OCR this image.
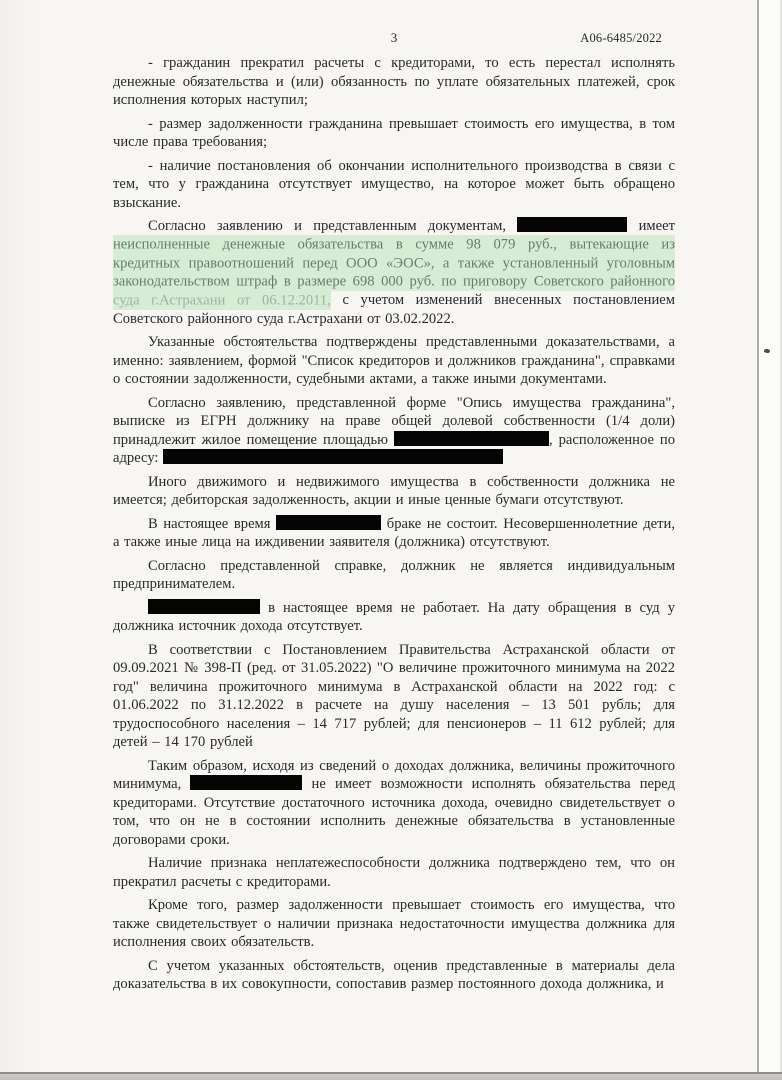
3	А06-6485/2022

- гражданин прекратил расчеты с кредиторами, то есть перестал исполнять денежные обязательства и (или) обязанность по уплате обязательных платежей, срок исполнения которых наступил;

- размер задолженности гражданина превышает стоимость его имущества, в том числе права требования;

- наличие постановления об окончании исполнительного производства в связи с тем, что у гражданина отсутствует имущество, на которое может быть обращено взыскание.

Согласно заявлению и представленным документам,	имеет неисполненные денежные обязательства в сумме 98 079 руб., вытекающие из кредитных правоотношений перед ООО «ЭОС», а также установленный уголовным законодательством штраф в размере 698 000 руб. по приговору Советского районного суда г.Астрахани от 06.12.2011, с учетом изменений внесенных постановлением Советского районного суда г.Астрахани от 03.02.2022.

Указанные обстоятельства подтверждены представленными доказательствами, а именно: заявлением, формой "Список кредиторов и должников гражданина", справками о состоянии задолженности, судебными актами, а также иными документами.

Согласно заявлению, представленной форме "Опись имущества гражданина", выписке из ЕГРН должнику на праве общей долевой собственности (1/4 доли) принадлежит жилое помещение площадью	, расположенное по адресу:

Иного движимого и недвижимого имущества в собственности должника не имеется; дебиторская задолженность, акции и иные ценные бумаги отсутствуют.

В настоящее время	браке не состоит. Несовершеннолетние дети, а также иные лица на иждивении заявителя (должника) отсутствуют.

Согласно представленной справке, должник не является индивидуальным предпринимателем.

в настоящее время не работает. На дату обращения в суд у должника источник дохода отсутствует.

В соответствии с Постановлением Правительства Астраханской области от 09.09.2021 № 398-П (ред. от 31.05.2022) "О величине прожиточного минимума на 2022 год" величина прожиточного минимума в Астраханской области на 2022 год: с 01.06.2022 по 31.12.2022 в расчете на душу населения – 13 501 рубль; для трудоспособного населения – 14 717 рублей; для пенсионеров – 11 612 рублей; для детей – 14 170 рублей

Таким образом, исходя из сведений о доходах должника, величины прожиточного минимума,	не имеет возможности исполнять обязательства перед кредиторами. Отсутствие достаточного источника дохода, очевидно свидетельствует о том, что он не в состоянии исполнить денежные обязательства в установленные договорами сроки.

Наличие признака неплатежеспособности должника подтверждено тем, что он прекратил расчеты с кредиторами.

Кроме того, размер задолженности превышает стоимость его имущества, что также свидетельствует о наличии признака недостаточности имущества должника для исполнения своих обязательств.

С учетом указанных обстоятельств, оценив представленные в материалы дела доказательства в их совокупности, сопоставив размер постоянного дохода должника, и
